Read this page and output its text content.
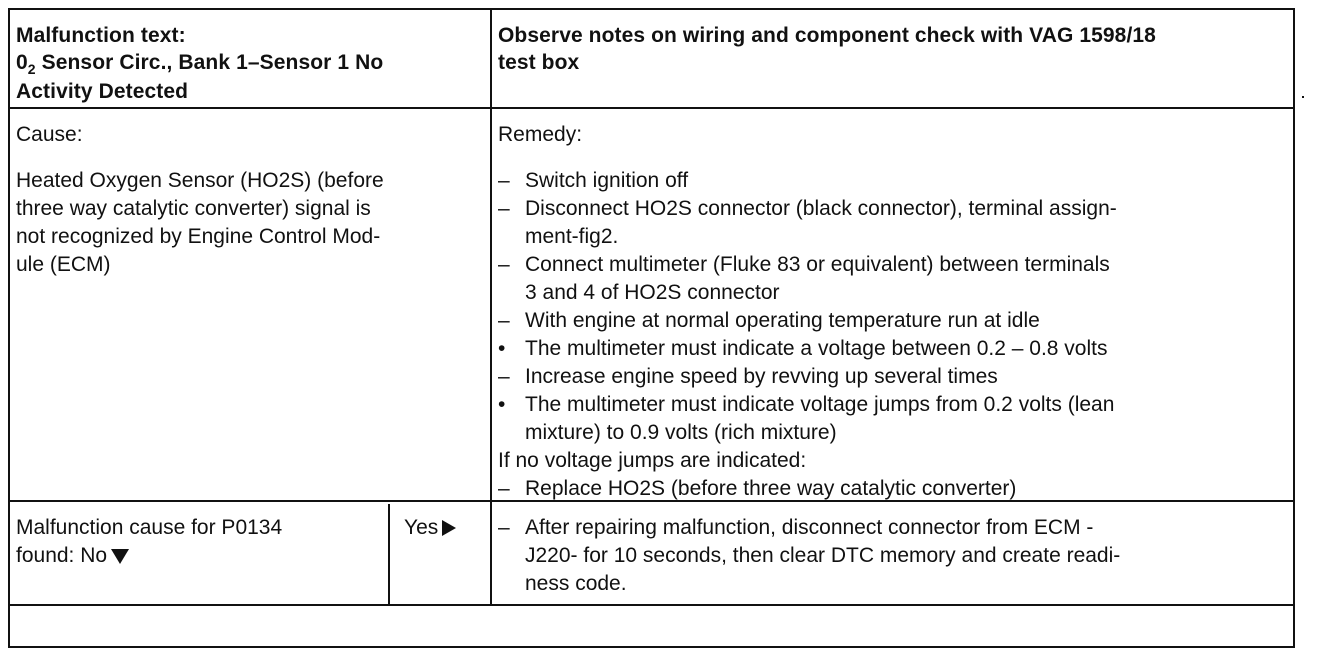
Malfunction text:
$0_2$ Sensor Circ., Bank 1–Sensor 1 No
Activity Detected
Observe notes on wiring and component check with VAG 1598/18
test box
Cause:
Heated Oxygen Sensor (HO2S) (before
three way catalytic converter) signal is
not recognized by Engine Control Mod-
ule (ECM)
Remedy:
– Switch ignition off
– Disconnect HO2S connector (black connector), terminal assign-
ment-fig2.
– Connect multimeter (Fluke 83 or equivalent) between terminals
3 and 4 of HO2S connector
– With engine at normal operating temperature run at idle
• The multimeter must indicate a voltage between 0.2 – 0.8 volts
– Increase engine speed by revving up several times
• The multimeter must indicate voltage jumps from 0.2 volts (lean
mixture) to 0.9 volts (rich mixture)
If no voltage jumps are indicated:
– Replace HO2S (before three way catalytic converter)
Malfunction cause for P0134
found: No
Yes	– After repairing malfunction, disconnect connector from ECM -
J220- for 10 seconds, then clear DTC memory and create readi-
ness code.
